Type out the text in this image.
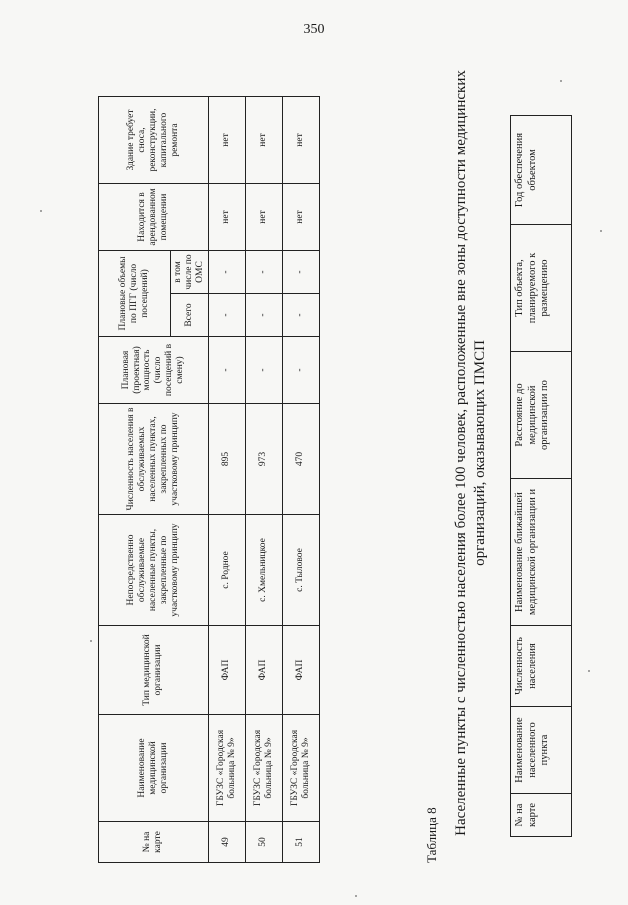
350
№ на карте	Наименование медицинской организации	Тип медицинской организации	Непосредственно обслуживаемые населенные пункты, закрепленные по участковому принципу	Численность населения в обслуживаемых населенных пунктах, закрепленных по участковому принципу	Плановая (проектная) мощность (число посещений в смену)	Плановые объемы по ПГГ (число посещений)		Находится в арендованном помещении	Здание требует сноса, реконструкции, капитального ремонта
						Всего	в том числе по ОМС		
49	ГБУЗС «Городская больница № 9»	ФАП	с. Родное	895	-	-	-	нет	нет
50	ГБУЗС «Городская больница № 9»	ФАП	с. Хмельницкое	973	-	-	-	нет	нет
51	ГБУЗС «Городская больница № 9»	ФАП	с. Тыловое	470	-	-	-	нет	нет
Таблица 8 Населенные пункты с численностью населения более 100 человек, расположенные вне зоны доступности медицинских организаций, оказывающих ПМСП
№ на карте	Наименование населенного пункта	Численность населения	Наименование ближайшей медицинской организации и	Расстояние до медицинской организации по	Тип объекта, планируемого к размещению	Год обеспечения объектом
